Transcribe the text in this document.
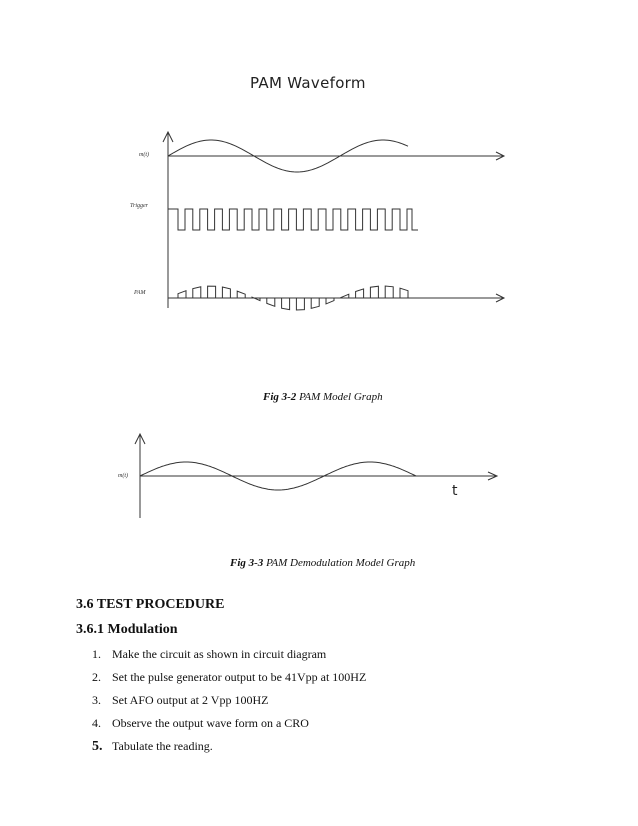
PAM Waveform
m(t)
Trigger
PAM
Fig 3-2 PAM Model Graph
m(t)
t
Fig 3-3 PAM Demodulation Model Graph
3.6 TEST PROCEDURE
3.6.1 Modulation
1. Make the circuit as shown in circuit diagram
2. Set the pulse generator output to be 41Vpp at 100HZ
3. Set AFO output at 2 Vpp 100HZ
4. Observe the output wave form on a CRO
5. Tabulate the reading.
